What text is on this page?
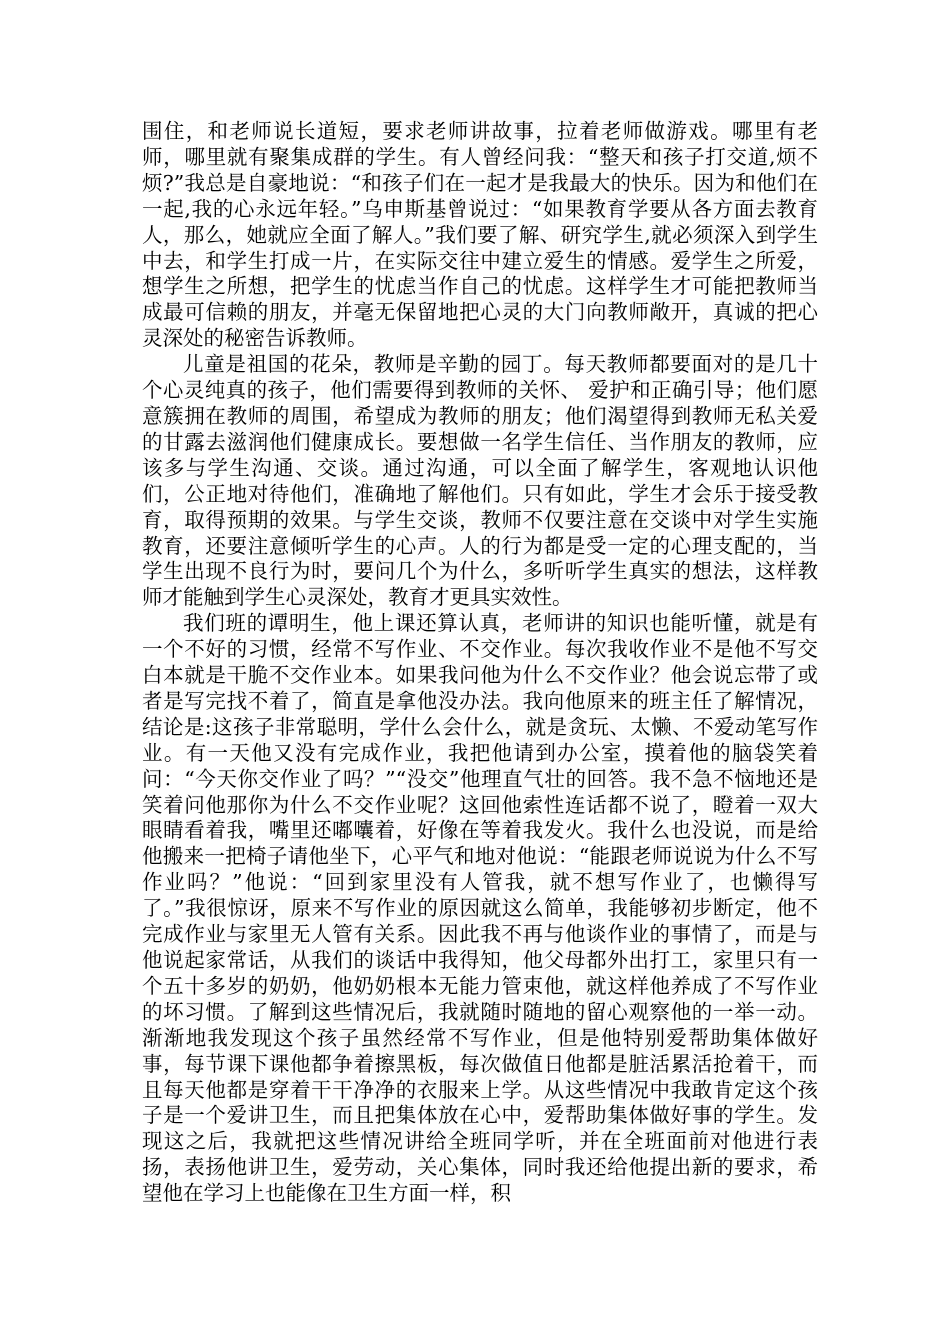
围住，和老师说长道短，要求老师讲故事，拉着老师做游戏。哪里有老师，哪里就有聚集成群的学生。有人曾经问我：“整天和孩子打交道,烦不烦?”我总是自豪地说：“和孩子们在一起才是我最大的快乐。因为和他们在一起,我的心永远年轻。”乌申斯基曾说过：“如果教育学要从各方面去教育人，那么，她就应全面了解人。”我们要了解、研究学生,就必须深入到学生中去，和学生打成一片，在实际交往中建立爱生的情感。爱学生之所爱，想学生之所想，把学生的忧虑当作自己的忧虑。这样学生才可能把教师当成最可信赖的朋友，并毫无保留地把心灵的大门向教师敞开，真诚的把心灵深处的秘密告诉教师。

儿童是祖国的花朵，教师是辛勤的园丁。每天教师都要面对的是几十个心灵纯真的孩子，他们需要得到教师的关怀、 爱护和正确引导；他们愿意簇拥在教师的周围，希望成为教师的朋友；他们渴望得到教师无私关爱的甘露去滋润他们健康成长。要想做一名学生信任、当作朋友的教师，应该多与学生沟通、交谈。通过沟通，可以全面了解学生，客观地认识他们，公正地对待他们，准确地了解他们。只有如此，学生才会乐于接受教育，取得预期的效果。与学生交谈，教师不仅要注意在交谈中对学生实施教育，还要注意倾听学生的心声。人的行为都是受一定的心理支配的，当学生出现不良行为时，要问几个为什么，多听听学生真实的想法，这样教师才能触到学生心灵深处，教育才更具实效性。

我们班的谭明生，他上课还算认真，老师讲的知识也能听懂，就是有一个不好的习惯，经常不写作业、不交作业。每次我收作业不是他不写交白本就是干脆不交作业本。如果我问他为什么不交作业？他会说忘带了或者是写完找不着了，简直是拿他没办法。我向他原来的班主任了解情况，结论是:这孩子非常聪明，学什么会什么，就是贪玩、太懒、不爱动笔写作业。有一天他又没有完成作业，我把他请到办公室，摸着他的脑袋笑着问：“今天你交作业了吗？”“没交”他理直气壮的回答。我不急不恼地还是笑着问他那你为什么不交作业呢？这回他索性连话都不说了，瞪着一双大眼睛看着我，嘴里还嘟囔着，好像在等着我发火。我什么也没说，而是给他搬来一把椅子请他坐下，心平气和地对他说：“能跟老师说说为什么不写作业吗？”他说：“回到家里没有人管我，就不想写作业了，也懒得写了。”我很惊讶，原来不写作业的原因就这么简单，我能够初步断定，他不完成作业与家里无人管有关系。因此我不再与他谈作业的事情了，而是与他说起家常话，从我们的谈话中我得知，他父母都外出打工，家里只有一个五十多岁的奶奶，他奶奶根本无能力管束他，就这样他养成了不写作业的坏习惯。了解到这些情况后，我就随时随地的留心观察他的一举一动。渐渐地我发现这个孩子虽然经常不写作业，但是他特别爱帮助集体做好事，每节课下课他都争着擦黑板，每次做值日他都是脏活累活抢着干，而且每天他都是穿着干干净净的衣服来上学。从这些情况中我敢肯定这个孩子是一个爱讲卫生，而且把集体放在心中，爱帮助集体做好事的学生。发现这之后，我就把这些情况讲给全班同学听，并在全班面前对他进行表扬，表扬他讲卫生，爱劳动，关心集体，同时我还给他提出新的要求，希望他在学习上也能像在卫生方面一样，积
